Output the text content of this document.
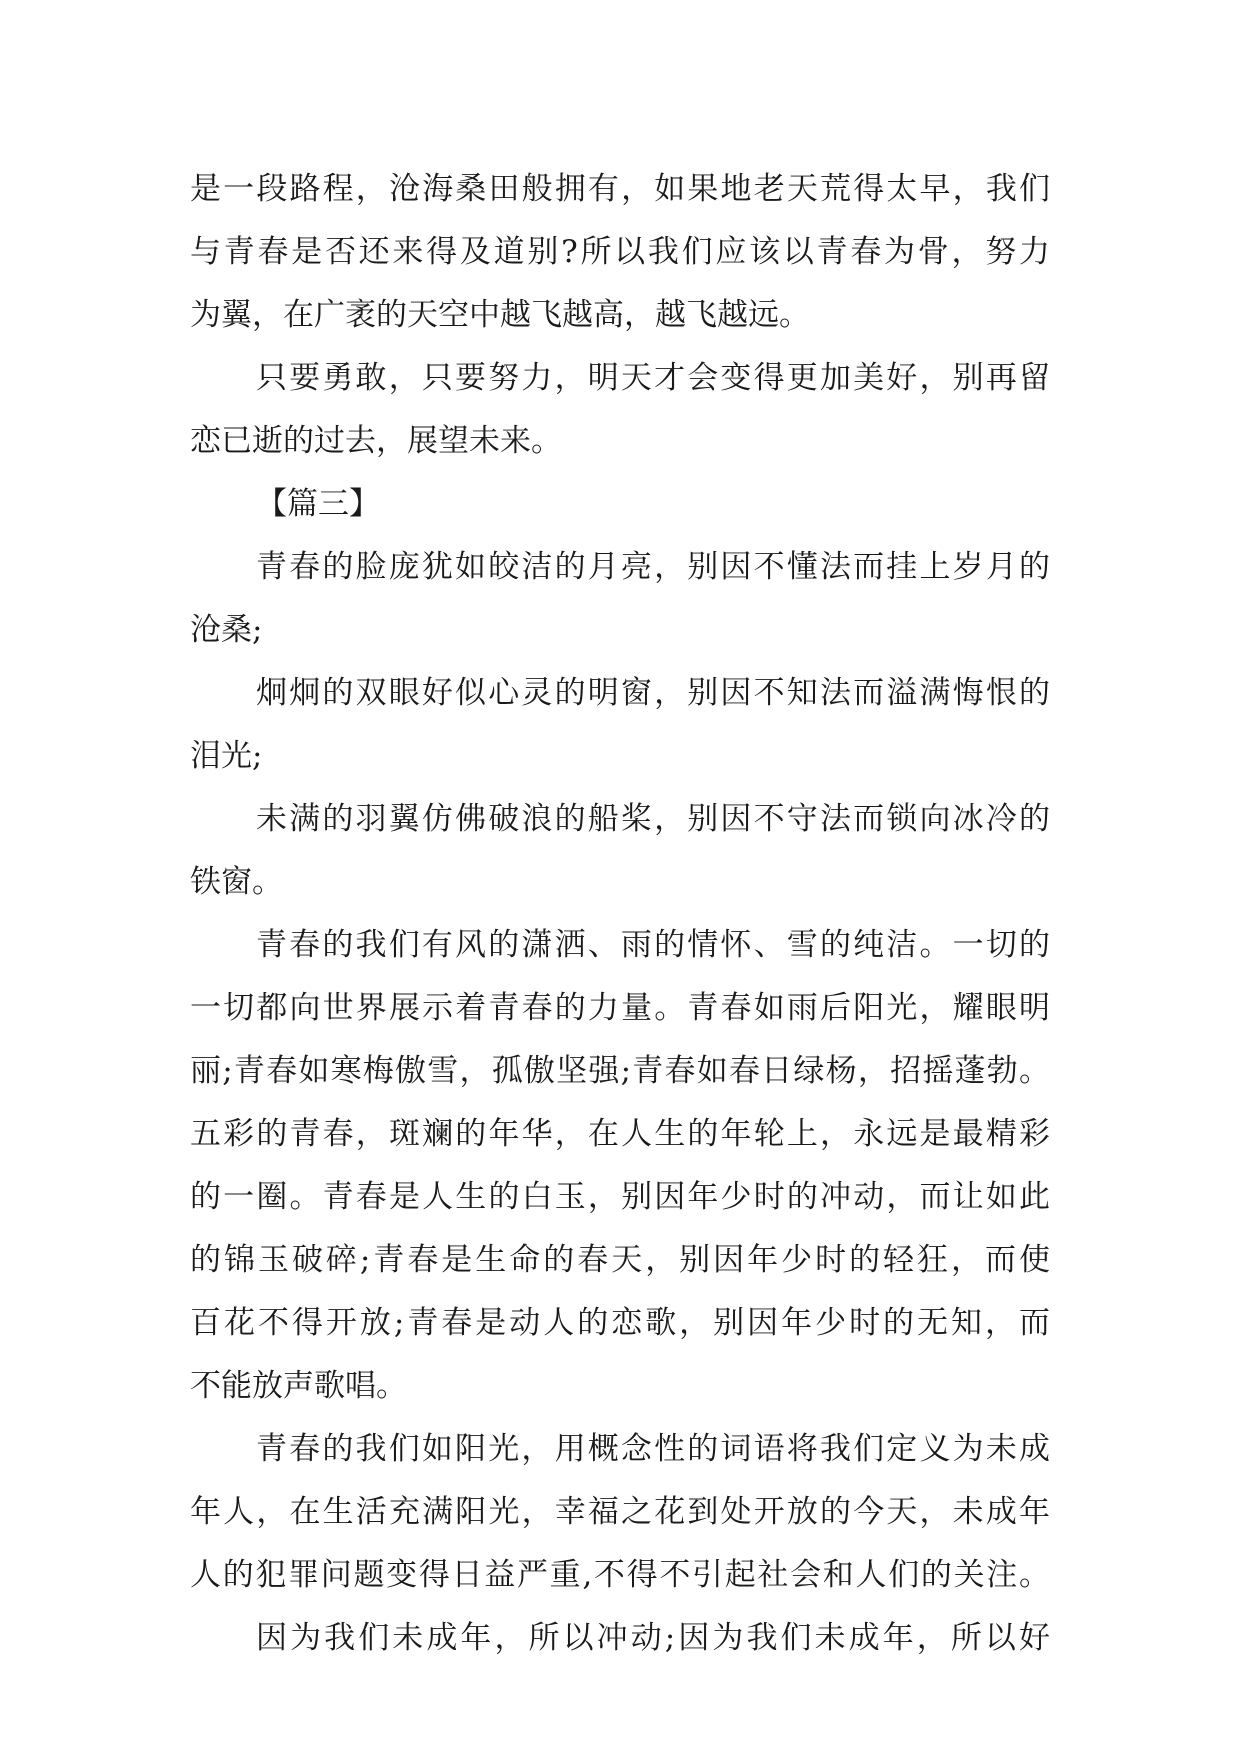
是一段路程，沧海桑田般拥有，如果地老天荒得太早，我们
与青春是否还来得及道别?所以我们应该以青春为骨，努力
为翼，在广袤的天空中越飞越高，越飞越远。
只要勇敢，只要努力，明天才会变得更加美好，别再留
恋已逝的过去，展望未来。
【篇三】
青春的脸庞犹如皎洁的月亮，别因不懂法而挂上岁月的
沧桑;
炯炯的双眼好似心灵的明窗，别因不知法而溢满悔恨的
泪光;
未满的羽翼仿佛破浪的船桨，别因不守法而锁向冰冷的
铁窗。
青春的我们有风的潇洒、雨的情怀、雪的纯洁。一切的
一切都向世界展示着青春的力量。青春如雨后阳光，耀眼明
丽;青春如寒梅傲雪，孤傲坚强;青春如春日绿杨，招摇蓬勃。
五彩的青春，斑斓的年华，在人生的年轮上，永远是最精彩
的一圈。青春是人生的白玉，别因年少时的冲动，而让如此
的锦玉破碎;青春是生命的春天，别因年少时的轻狂，而使
百花不得开放;青春是动人的恋歌，别因年少时的无知，而
不能放声歌唱。
青春的我们如阳光，用概念性的词语将我们定义为未成
年人，在生活充满阳光，幸福之花到处开放的今天，未成年
人的犯罪问题变得日益严重,不得不引起社会和人们的关注。
因为我们未成年，所以冲动;因为我们未成年，所以好
